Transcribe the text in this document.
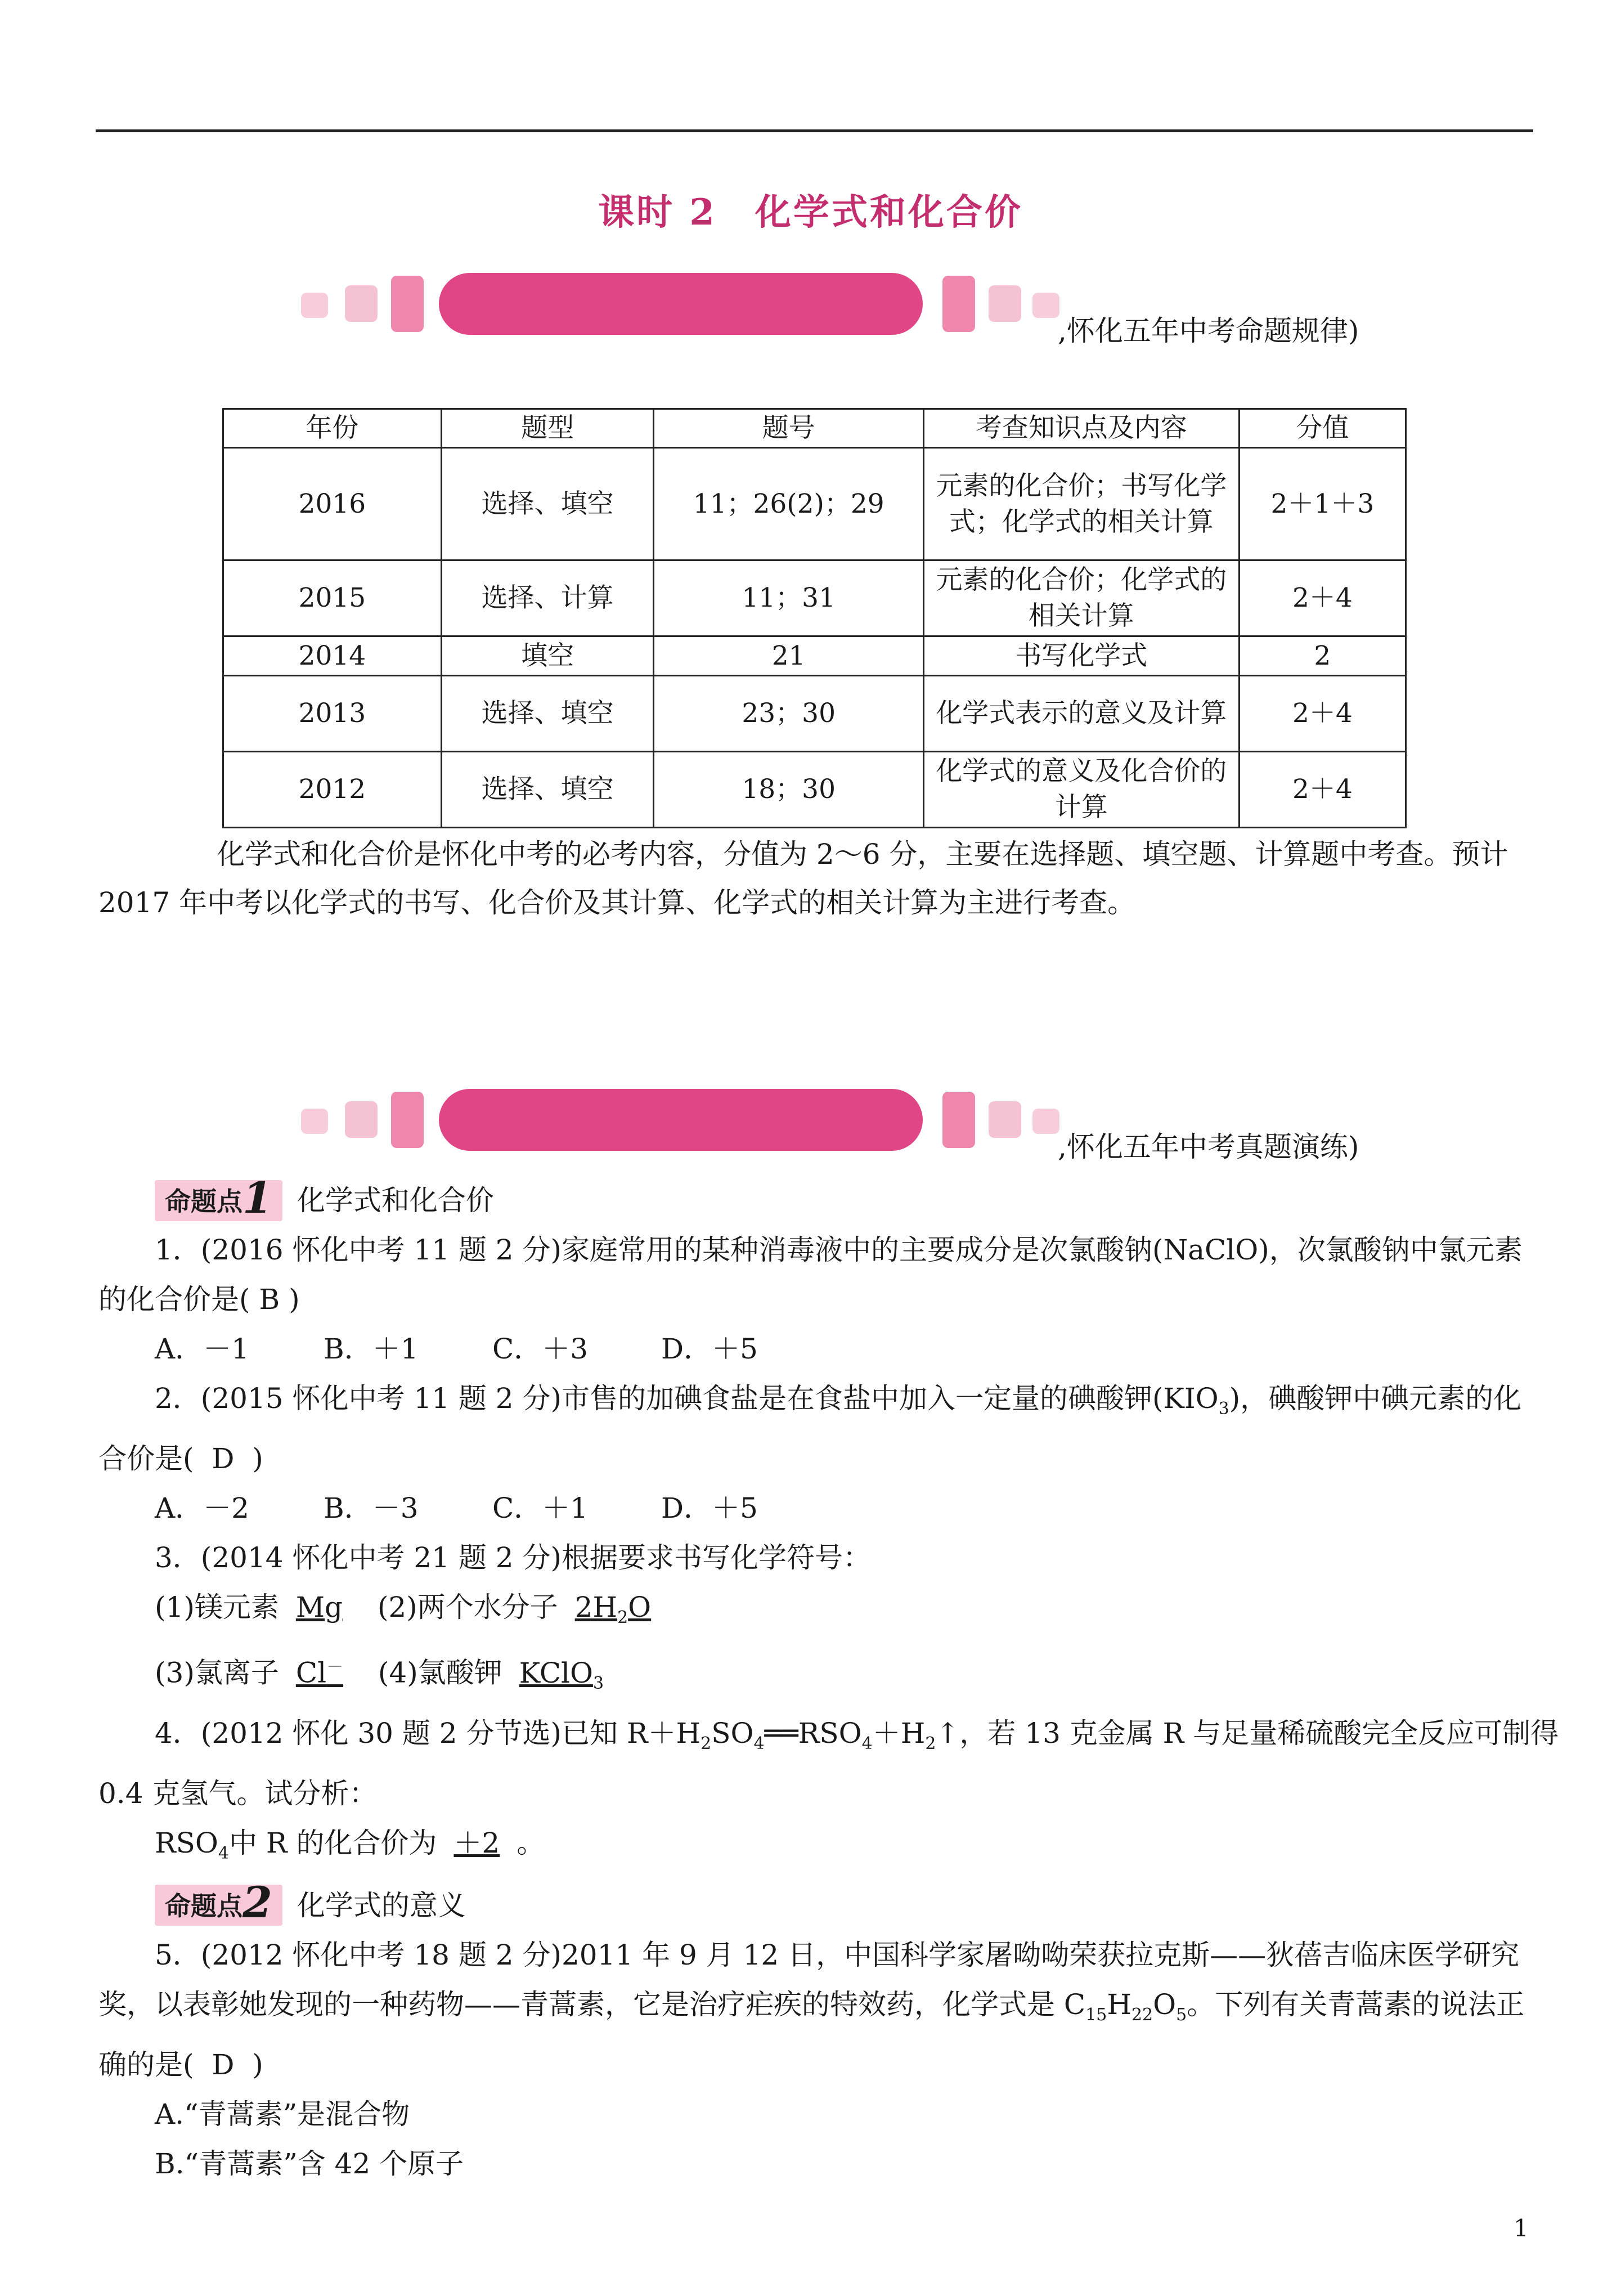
课时 2　化学式和化合价
,怀化五年中考命题规律)
年份	题型	题号	考查知识点及内容	分值
2016	选择、填空	11；26(2)；29	元素的化合价；书写化学式；化学式的相关计算	2＋1＋3
2015	选择、计算	11；31	元素的化合价；化学式的相关计算	2＋4
2014	填空	21	书写化学式	2
2013	选择、填空	23；30	化学式表示的意义及计算	2＋4
2012	选择、填空	18；30	化学式的意义及化合价的计算	2＋4

化学式和化合价是怀化中考的必考内容，分值为 2～6 分，主要在选择题、填空题、计算题中考查。预计 2017 年中考以化学式的书写、化合价及其计算、化学式的相关计算为主进行考查。

,怀化五年中考真题演练)
命题点1 化学式和化合价
1．(2016 怀化中考 11 题 2 分)家庭常用的某种消毒液中的主要成分是次氯酸钠(NaClO)，次氯酸钠中氯元素
的化合价是( B )
A．－1	B．＋1	C．＋3	D．＋5
2．(2015 怀化中考 11 题 2 分)市售的加碘食盐是在食盐中加入一定量的碘酸钾$(KIO_3)$，碘酸钾中碘元素的化
合价是( D )
A．－2	B．－3	C．＋1	D．＋5
3．(2014 怀化中考 21 题 2 分)根据要求书写化学符号：
(1)镁元素 Mg (2)两个水分子 $2H_2O$
(3)氯离子 Cl－ (4)氯酸钾 KClO$_3$
4．(2012 怀化 30 题 2 分节选)已知 $R+H_2SO_4══RSO_4+H_2↑$，若 13 克金属 R 与足量稀硫酸完全反应可制得
0.4 克氢气。试分析：
$RSO_4$中 R 的化合价为 ＋2 。
命题点2 化学式的意义
5．(2012 怀化中考 18 题 2 分)2011 年 9 月 12 日，中国科学家屠呦呦荣获拉克斯——狄蓓吉临床医学研究
奖，以表彰她发现的一种药物——青蒿素，它是治疗疟疾的特效药，化学式是 $C_{15}H_{22}O_5$。下列有关青蒿素的说法正
确的是( D )
A.“青蒿素”是混合物
B.“青蒿素”含 42 个原子
1
